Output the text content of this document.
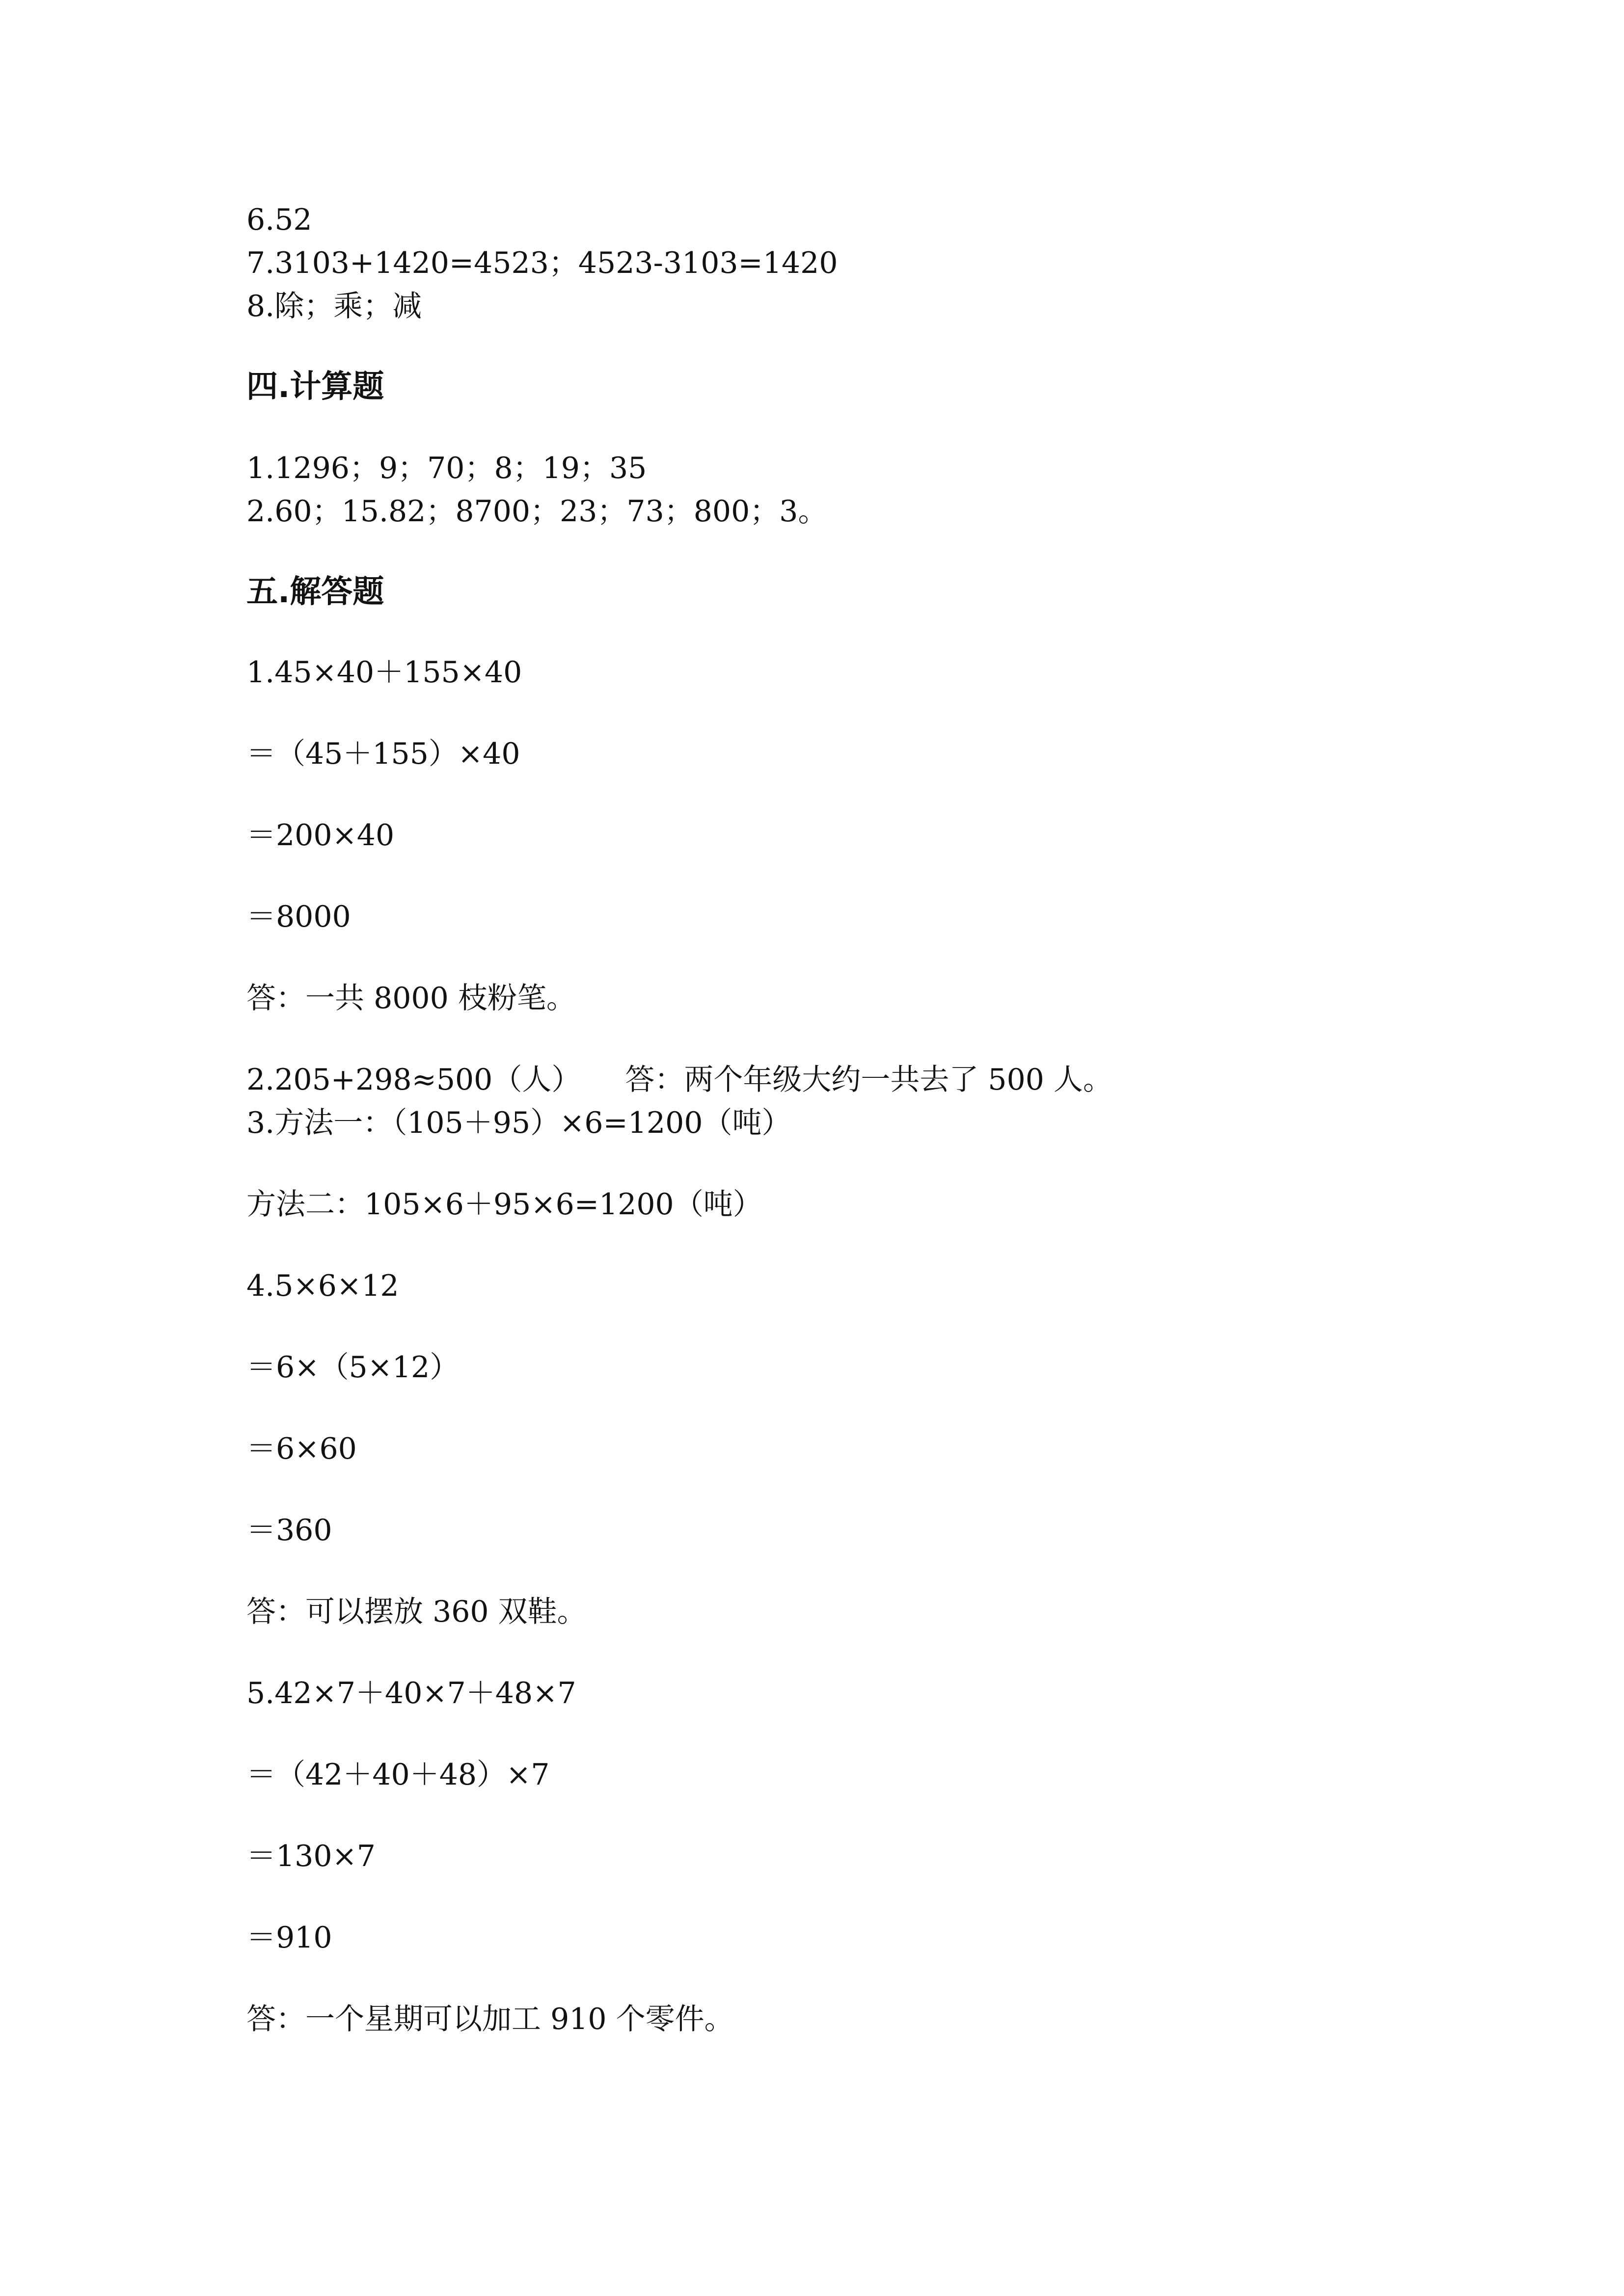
6.52

7.3103+1420=4523；4523-3103=1420

8.除；乘；减

四.计算题

1.1296；9；70；8；19；35

2.60；15.82；8700；23；73；800；3。

五.解答题

1.45×40＋155×40

＝（45＋155）×40

＝200×40

＝8000

答：一共 8000 枝粉笔。

2.205+298≈500（人）　　答：两个年级大约一共去了 500 人。

3.方法一：（105＋95）×6=1200（吨）

方法二：105×6＋95×6=1200（吨）

4.5×6×12

＝6×（5×12）

＝6×60

＝360

答：可以摆放 360 双鞋。

5.42×7＋40×7＋48×7

＝（42＋40＋48）×7

＝130×7

＝910

答：一个星期可以加工 910 个零件。
